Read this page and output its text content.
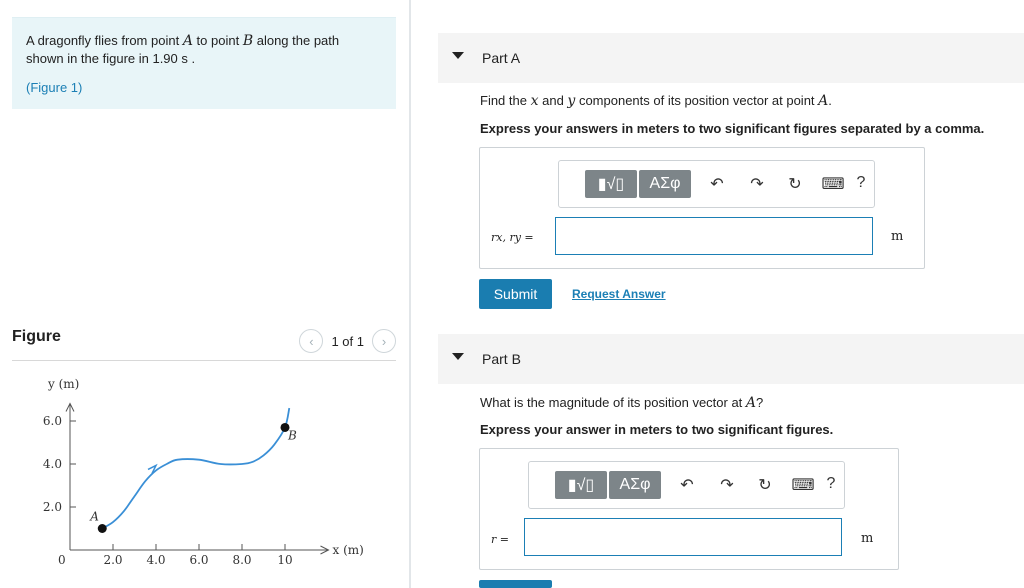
A dragonfly flies from point A to point B along the path
shown in the figure in 1.90 s .
(Figure 1)
Figure	‹	1 of 1	›
x (m)
y (m)
2.0 4.0 6.0 8.0 10
2.0
4.0
6.0
0
A
B
Part A
Find the x and y components of its position vector at point A.
Express your answers in meters to two significant figures separated by a comma.
▮√▯	ΑΣφ	↶	↷	↻	⌨ ?
rx, ry =	m
Submit	Request Answer
Part B
What is the magnitude of its position vector at A?
Express your answer in meters to two significant figures.
▮√▯	ΑΣφ	↶	↷	↻	⌨ ?
r =	m
